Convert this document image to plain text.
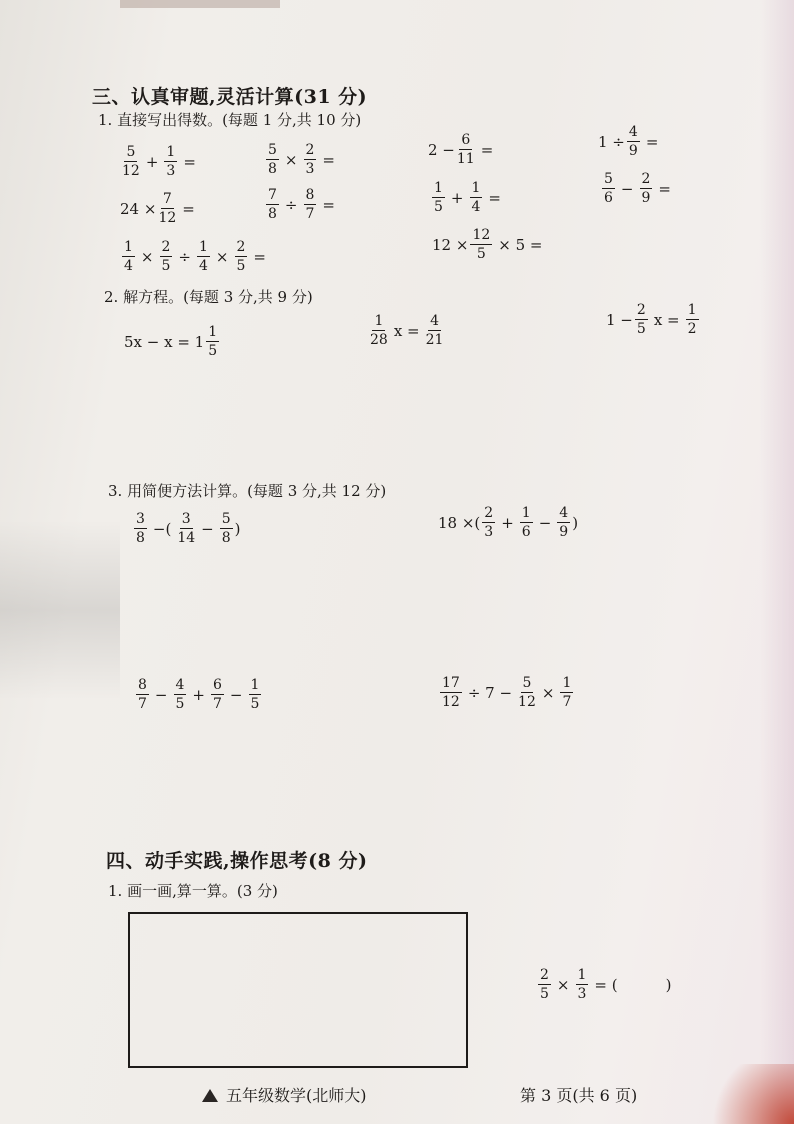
三、认真审题,灵活计算(31 分)
1. 直接写出得数。(每题 1 分,共 10 分)
$\frac{5}{12} + \frac{1}{3}$ =	$\frac{5}{8} \times \frac{2}{3}$ =
$2 - \frac{6}{11}$ =	$1 \div \frac{4}{9}$ =
$24 \times \frac{7}{12}$ =	$\frac{7}{8} \div \frac{8}{7}$ =	$\frac{1}{5} + \frac{1}{4}$ =	$\frac{5}{6} - \frac{2}{9}$ =
$\frac{1}{4} \times \frac{2}{5} \div \frac{1}{4} \times \frac{2}{5}$ =
$12 \times \frac{12}{5} \times 5$ =
2. 解方程。(每题 3 分,共 9 分)
$5x - x = 1 \frac{1}{5}$	$\frac{1}{28}$ $x = \frac{4}{21}$	$1 - \frac{2}{5}$ $x = \frac{1}{2}$
3. 用简便方法计算。(每题 3 分,共 12 分)
$\frac{3}{8}$ −( $\frac{3}{14} - \frac{5}{8}$ )	18 ×( $\frac{2}{3} + \frac{1}{6} - \frac{4}{9}$ )
$\frac{8}{7} - \frac{4}{5} + \frac{6}{7} - \frac{1}{5}$	$\frac{17}{12} \div 7 - \frac{5}{12} \times \frac{1}{7}$
四、动手实践,操作思考(8 分)
1. 画一画,算一算。(3 分)
$\frac{2}{5} \times \frac{1}{3}$ = (	)
五年级数学(北师大)	第 3 页(共 6 页)
